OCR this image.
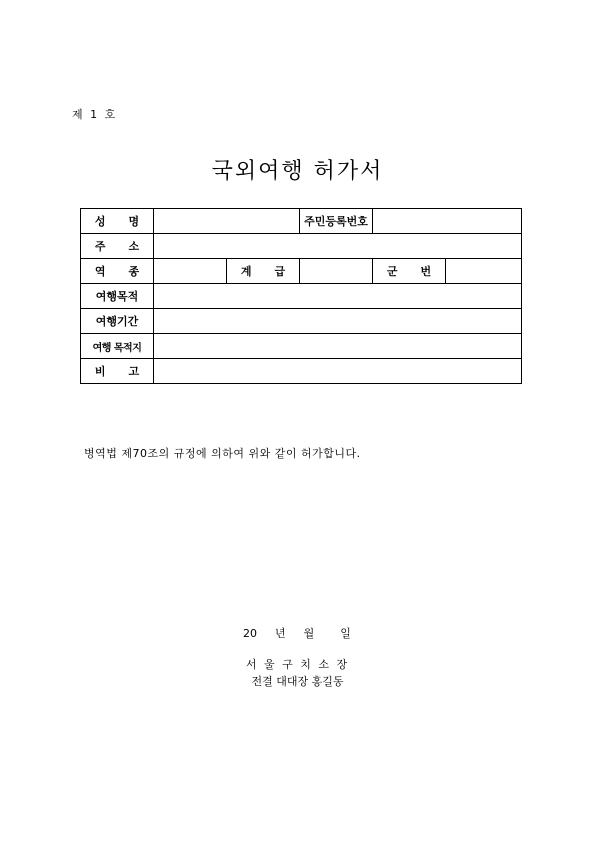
제 1 호
국외여행 허가서
성      명			주민등록번호		
주      소					
역      종		계      급		군      번	
여행목적					
여행기간					
여행 목적지					
비      고					
병역법 제70조의 규정에 의하여 위와 같이 허가합니다.
20 년 월 일
서 울 구 치 소 장
전결 대대장 홍길동
